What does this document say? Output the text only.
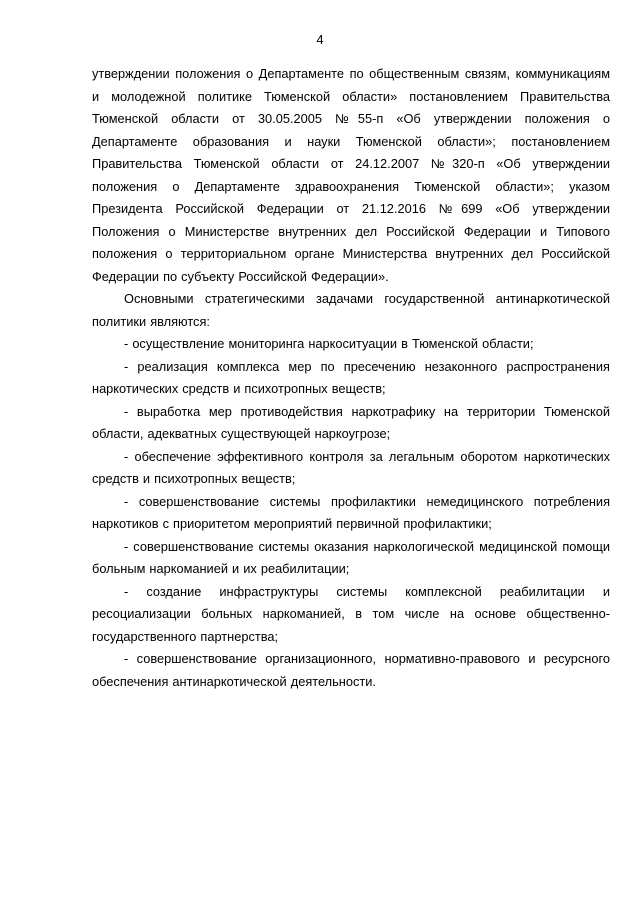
4

утверждении положения о Департаменте по общественным связям, коммуникациям и молодежной политике Тюменской области» постановлением Правительства Тюменской области от 30.05.2005 №55-п «Об утверждении положения о Департаменте образования и науки Тюменской области»; постановлением Правительства Тюменской области от 24.12.2007 №320-п «Об утверждении положения о Департаменте здравоохранения Тюменской области»; указом Президента Российской Федерации от 21.12.2016 №699 «Об утверждении Положения о Министерстве внутренних дел Российской Федерации и Типового положения о территориальном органе Министерства внутренних дел Российской Федерации по субъекту Российской Федерации».

Основными стратегическими задачами государственной антинаркотической политики являются:

- осуществление мониторинга наркоситуации в Тюменской области;

- реализация комплекса мер по пресечению незаконного распространения наркотических средств и психотропных веществ;

- выработка мер противодействия наркотрафику на территории Тюменской области, адекватных существующей наркоугрозе;

- обеспечение эффективного контроля за легальным оборотом наркотических средств и психотропных веществ;

- совершенствование системы профилактики немедицинского потребления наркотиков с приоритетом мероприятий первичной профилактики;

- совершенствование системы оказания наркологической медицинской помощи больным наркоманией и их реабилитации;

- создание инфраструктуры системы комплексной реабилитации и ресоциализации больных наркоманией, в том числе на основе общественно-государственного партнерства;

- совершенствование организационного, нормативно-правового и ресурсного обеспечения антинаркотической деятельности.
